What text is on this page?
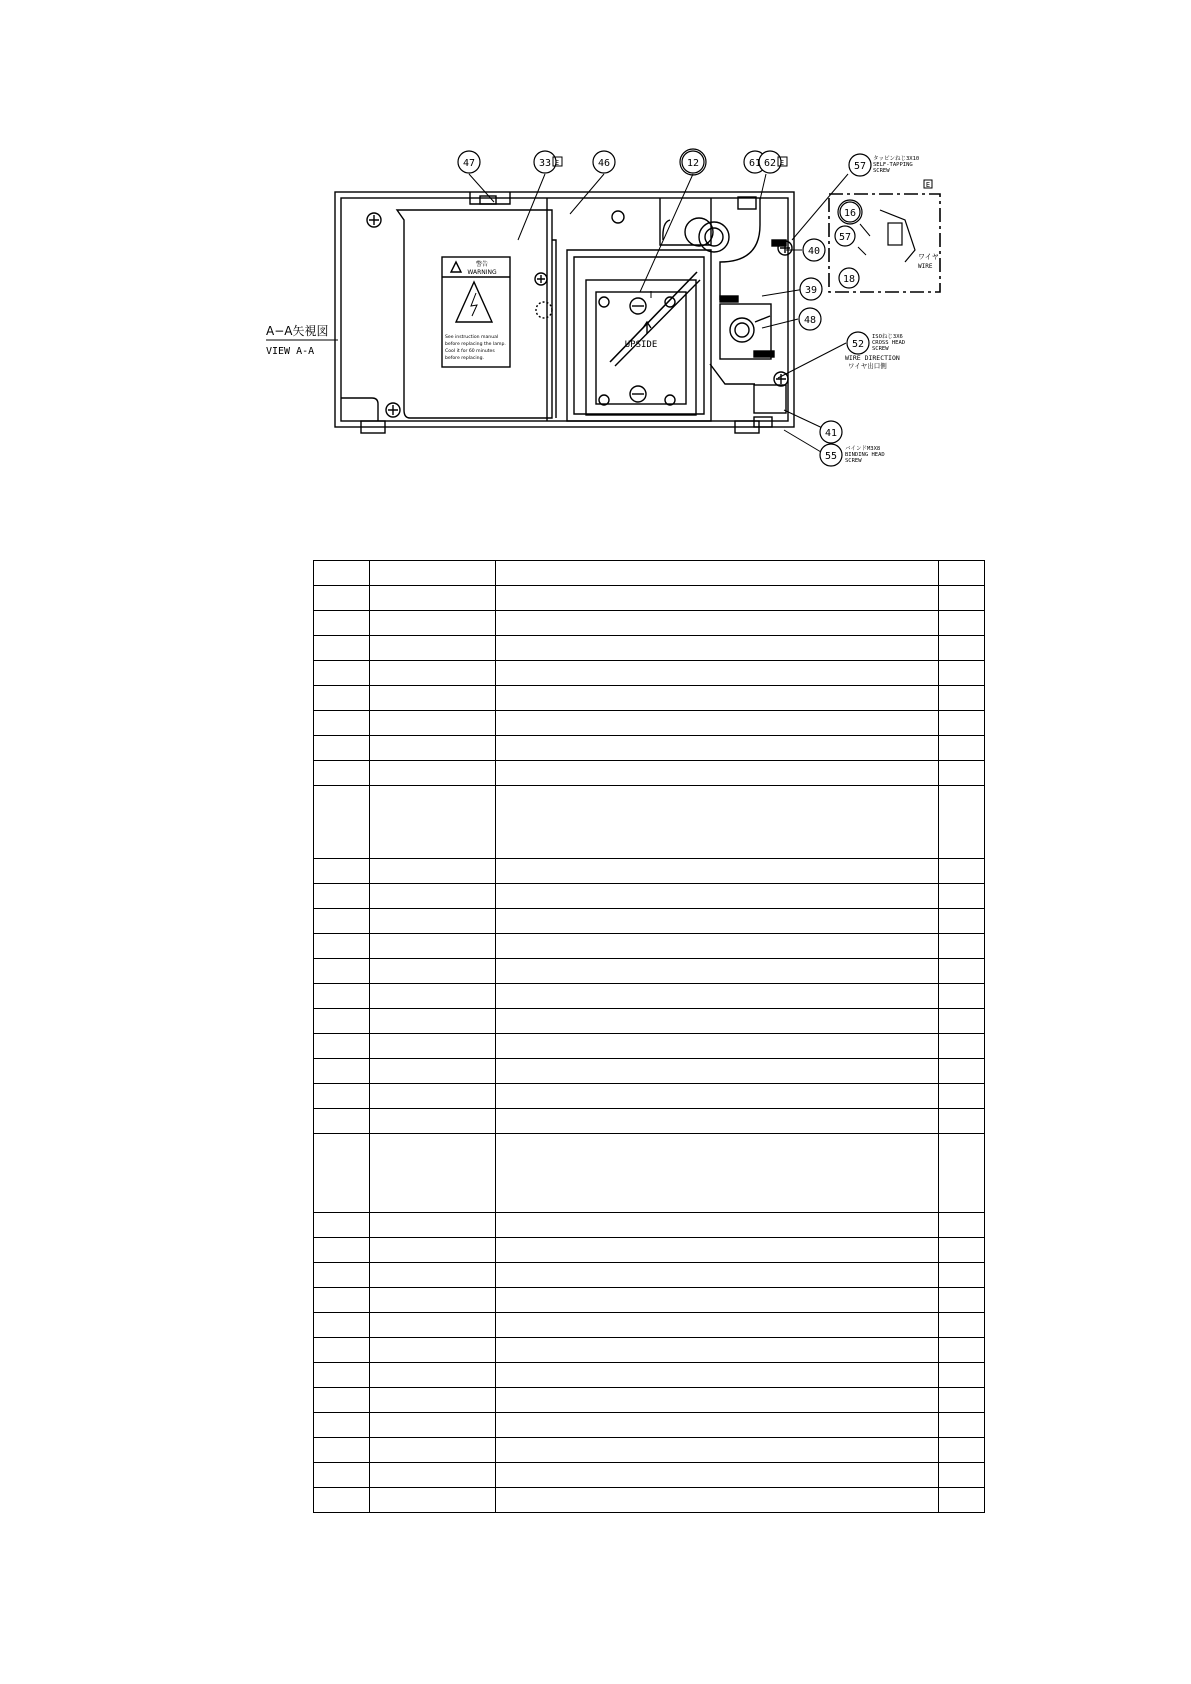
47	33	46	12	61 62	57
40
39
48
52
41
55
16
57
18
E	E
E
A−A矢視図
VIEW A-A
警告
WARNING
See instruction manual
before replacing the lamp.
Cool it for 60 minutes
before replacing.
UPSIDE
タッピンねじ3X10
SELF-TAPPING
SCREW
ISOねじ3X6
CROSS HEAD
SCREW
WIRE DIRECTION
ワイヤ出口側
バインドM3X8
BINDING HEAD
SCREW
ワイヤ
WIRE
